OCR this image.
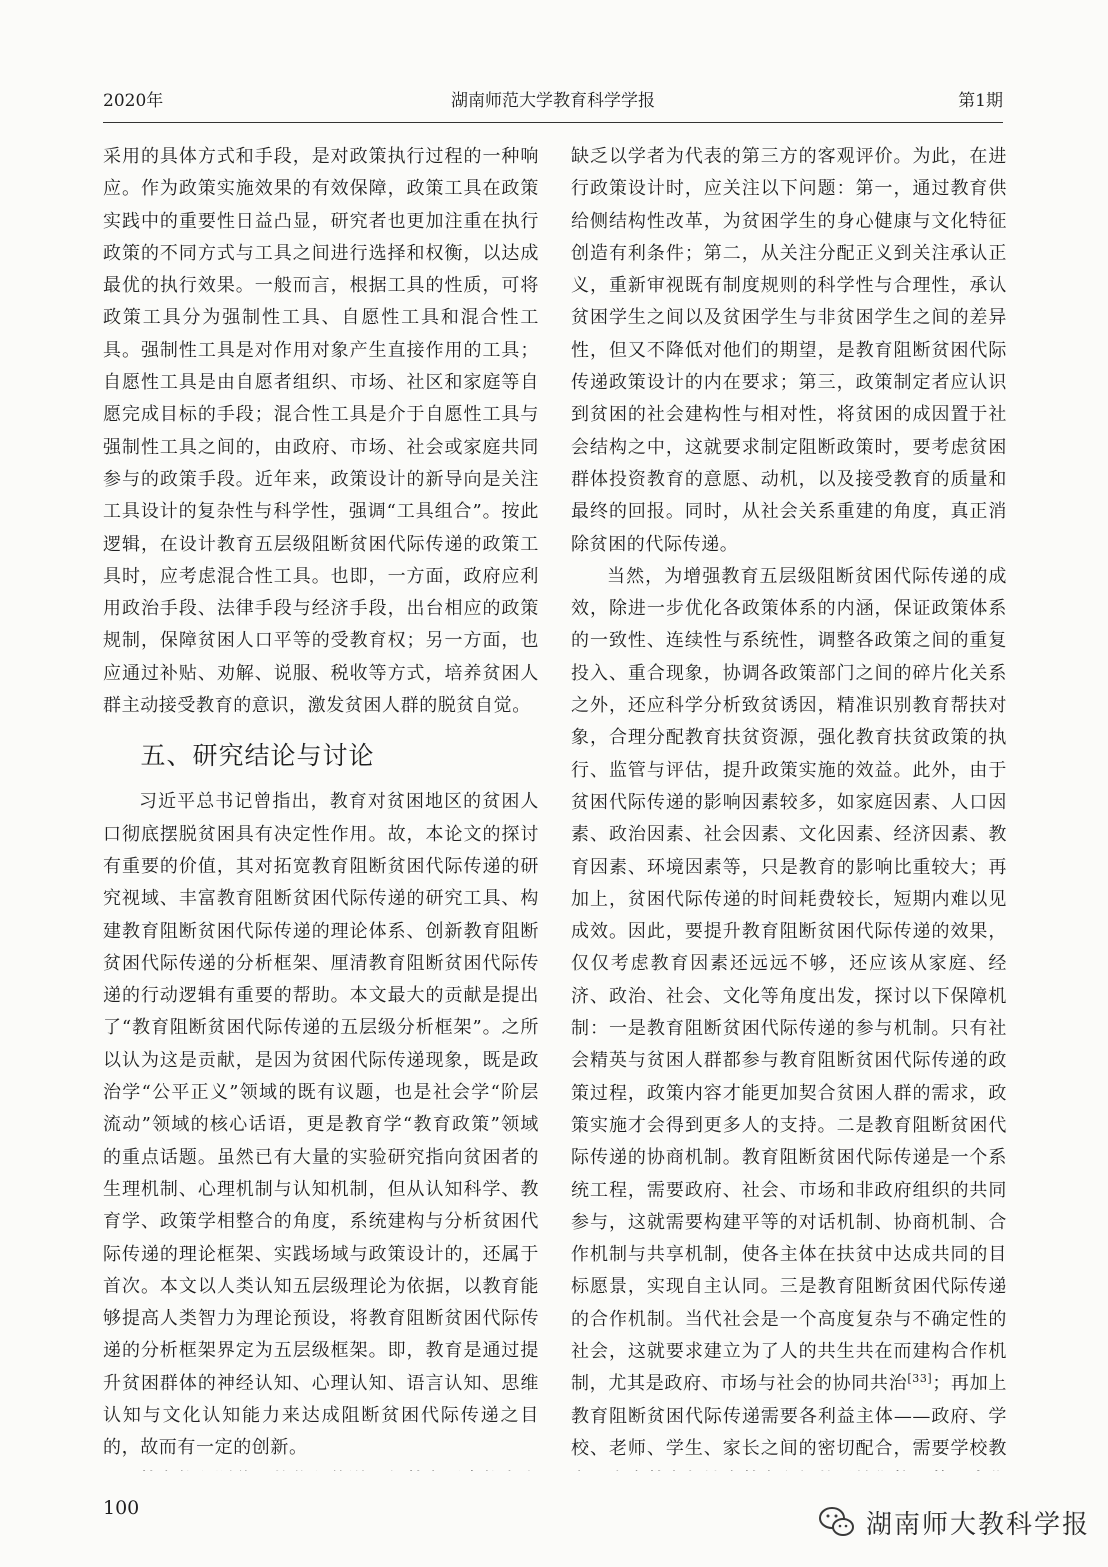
2020年	湖南师范大学教育科学学报	第1期

采用的具体方式和手段，是对政策执行过程的一种响应。作为政策实施效果的有效保障，政策工具在政策实践中的重要性日益凸显，研究者也更加注重在执行政策的不同方式与工具之间进行选择和权衡，以达成最优的执行效果。一般而言，根据工具的性质，可将政策工具分为强制性工具、自愿性工具和混合性工具。强制性工具是对作用对象产生直接作用的工具；自愿性工具是由自愿者组织、市场、社区和家庭等自愿完成目标的手段；混合性工具是介于自愿性工具与强制性工具之间的，由政府、市场、社会或家庭共同参与的政策手段。近年来，政策设计的新导向是关注工具设计的复杂性与科学性，强调“工具组合”。按此逻辑，在设计教育五层级阻断贫困代际传递的政策工具时，应考虑混合性工具。也即，一方面，政府应利用政治手段、法律手段与经济手段，出台相应的政策规制，保障贫困人口平等的受教育权；另一方面，也应通过补贴、劝解、说服、税收等方式，培养贫困人群主动接受教育的意识，激发贫困人群的脱贫自觉。

五、研究结论与讨论

习近平总书记曾指出，教育对贫困地区的贫困人口彻底摆脱贫困具有决定性作用。故，本论文的探讨有重要的价值，其对拓宽教育阻断贫困代际传递的研究视域、丰富教育阻断贫困代际传递的研究工具、构建教育阻断贫困代际传递的理论体系、创新教育阻断贫困代际传递的分析框架、厘清教育阻断贫困代际传递的行动逻辑有重要的帮助。本文最大的贡献是提出了“教育阻断贫困代际传递的五层级分析框架”。之所以认为这是贡献，是因为贫困代际传递现象，既是政治学“公平正义”领域的既有议题，也是社会学“阶层流动”领域的核心话语，更是教育学“教育政策”领域的重点话题。虽然已有大量的实验研究指向贫困者的生理机制、心理机制与认知机制，但从认知科学、教育学、政策学相整合的角度，系统建构与分析贫困代际传递的理论框架、实践场域与政策设计的，还属于首次。本文以人类认知五层级理论为依据，以教育能够提高人类智力为理论预设，将教育阻断贫困代际传递的分析框架界定为五层级框架。即，教育是通过提升贫困群体的神经认知、心理认知、语言认知、思维认知与文化认知能力来达成阻断贫困代际传递之目的，故而有一定的创新。

缺乏以学者为代表的第三方的客观评价。为此，在进行政策设计时，应关注以下问题：第一，通过教育供给侧结构性改革，为贫困学生的身心健康与文化特征创造有利条件；第二，从关注分配正义到关注承认正义，重新审视既有制度规则的科学性与合理性，承认贫困学生之间以及贫困学生与非贫困学生之间的差异性，但又不降低对他们的期望，是教育阻断贫困代际传递政策设计的内在要求；第三，政策制定者应认识到贫困的社会建构性与相对性，将贫困的成因置于社会结构之中，这就要求制定阻断政策时，要考虑贫困群体投资教育的意愿、动机，以及接受教育的质量和最终的回报。同时，从社会关系重建的角度，真正消除贫困的代际传递。

当然，为增强教育五层级阻断贫困代际传递的成效，除进一步优化各政策体系的内涵，保证政策体系的一致性、连续性与系统性，调整各政策之间的重复投入、重合现象，协调各政策部门之间的碎片化关系之外，还应科学分析致贫诱因，精准识别教育帮扶对象，合理分配教育扶贫资源，强化教育扶贫政策的执行、监管与评估，提升政策实施的效益。此外，由于贫困代际传递的影响因素较多，如家庭因素、人口因素、政治因素、社会因素、文化因素、经济因素、教育因素、环境因素等，只是教育的影响比重较大；再加上，贫困代际传递的时间耗费较长，短期内难以见成效。因此，要提升教育阻断贫困代际传递的效果，仅仅考虑教育因素还远远不够，还应该从家庭、经济、政治、社会、文化等角度出发，探讨以下保障机制：一是教育阻断贫困代际传递的参与机制。只有社会精英与贫困人群都参与教育阻断贫困代际传递的政策过程，政策内容才能更加契合贫困人群的需求，政策实施才会得到更多人的支持。二是教育阻断贫困代际传递的协商机制。教育阻断贫困代际传递是一个系统工程，需要政府、社会、市场和非政府组织的共同参与，这就需要构建平等的对话机制、协商机制、合作机制与共享机制，使各主体在扶贫中达成共同的目标愿景，实现自主认同。三是教育阻断贫困代际传递的合作机制。当代社会是一个高度复杂与不确定性的社会，这就要求建立为了人的共生共在而建构合作机制，尤其是政府、市场与社会的协同共治[33]；再加上教育阻断贫困代际传递需要各利益主体——政府、学校、老师、学生、家长之间的密切配合，需要学校教

100
湖南师大教科学报
